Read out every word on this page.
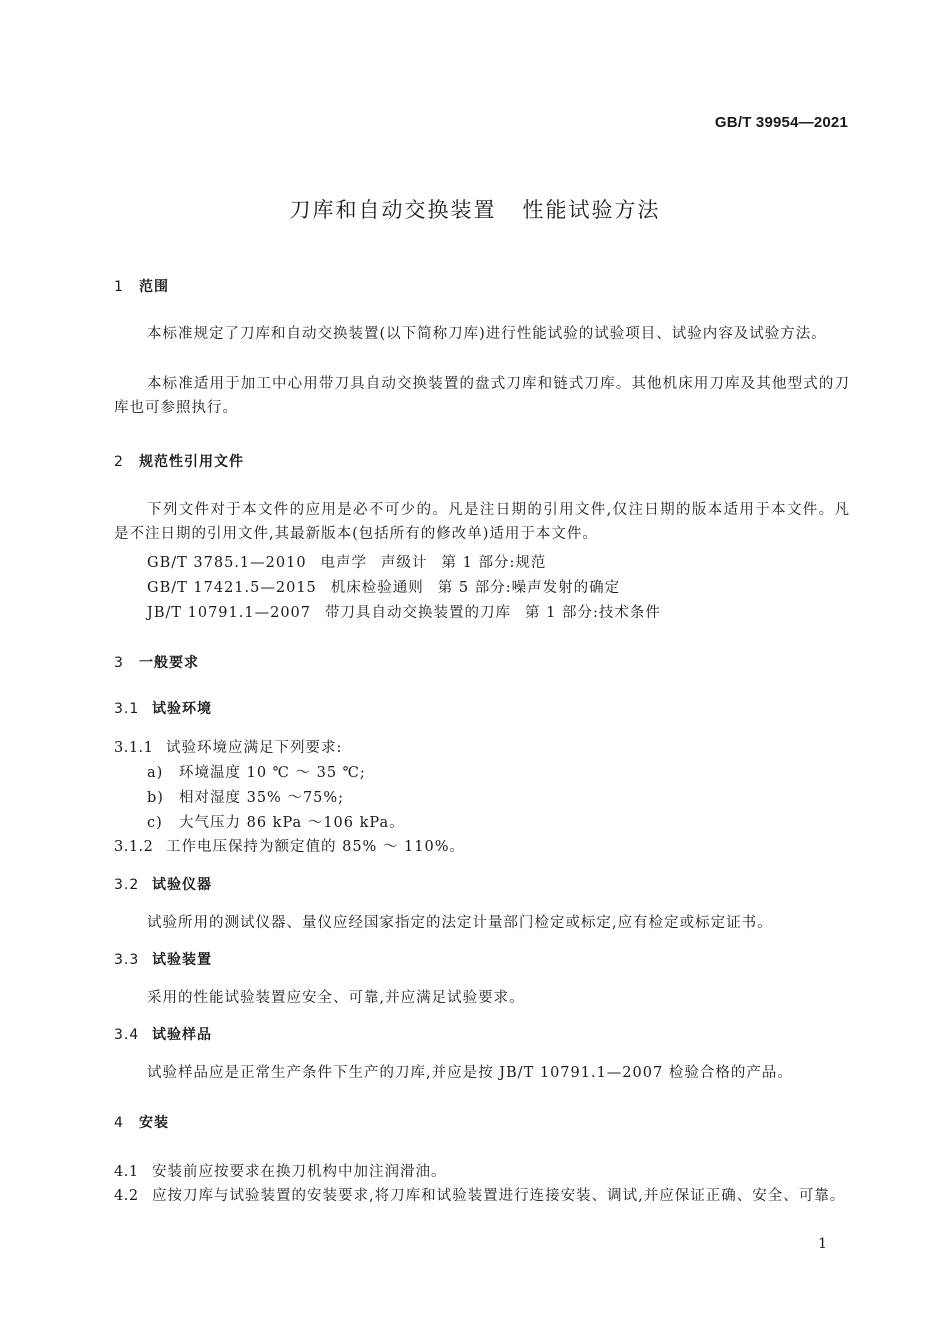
GB/T 39954—2021
刀库和自动交换装置 性能试验方法
1 范围
本标准规定了刀库和自动交换装置(以下简称刀库)进行性能试验的试验项目、试验内容及试验方法。
本标准适用于加工中心用带刀具自动交换装置的盘式刀库和链式刀库。其他机床用刀库及其他型式的刀库也可参照执行。
2 规范性引用文件
下列文件对于本文件的应用是必不可少的。凡是注日期的引用文件,仅注日期的版本适用于本文件。凡是不注日期的引用文件,其最新版本(包括所有的修改单)适用于本文件。
GB/T 3785.1—2010 电声学 声级计 第 1 部分:规范
GB/T 17421.5—2015 机床检验通则 第 5 部分:噪声发射的确定
JB/T 10791.1—2007 带刀具自动交换装置的刀库 第 1 部分:技术条件
3 一般要求
3.1 试验环境
3.1.1 试验环境应满足下列要求:
a) 环境温度 10 ℃ ～ 35 ℃;
b) 相对湿度 35% ～75%;
c) 大气压力 86 kPa ～106 kPa。
3.1.2 工作电压保持为额定值的 85% ～ 110%。
3.2 试验仪器
试验所用的测试仪器、量仪应经国家指定的法定计量部门检定或标定,应有检定或标定证书。
3.3 试验装置
采用的性能试验装置应安全、可靠,并应满足试验要求。
3.4 试验样品
试验样品应是正常生产条件下生产的刀库,并应是按 JB/T 10791.1—2007 检验合格的产品。
4 安装
4.1 安装前应按要求在换刀机构中加注润滑油。
4.2 应按刀库与试验装置的安装要求,将刀库和试验装置进行连接安装、调试,并应保证正确、安全、可靠。
1
